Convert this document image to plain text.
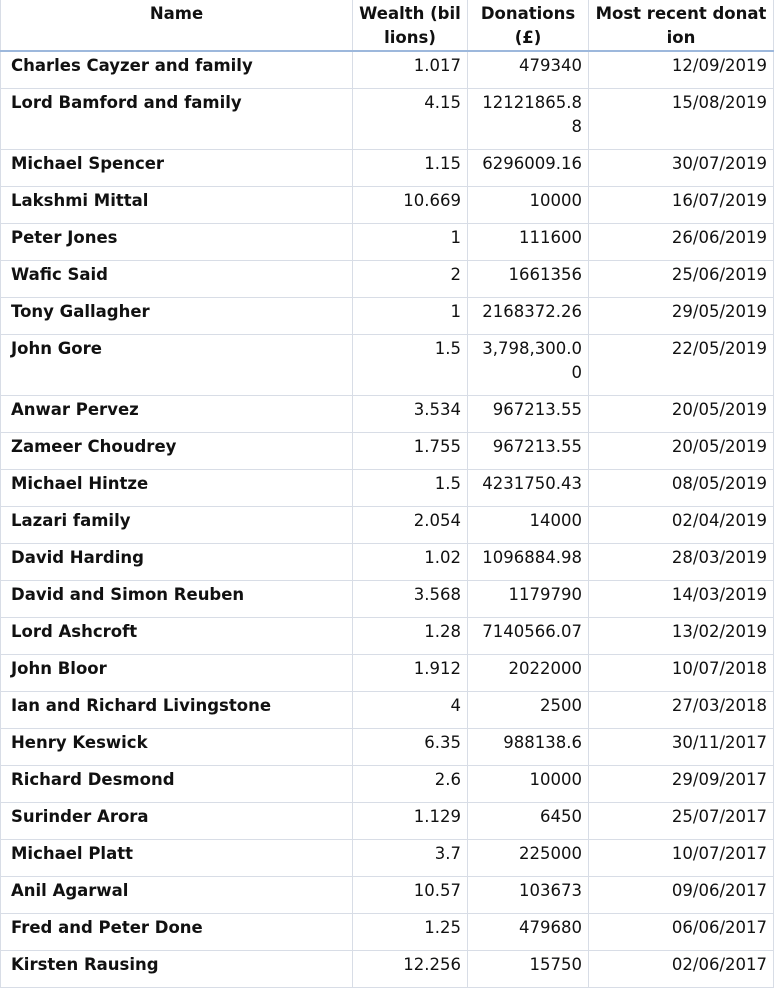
Name	Wealth (billions)	Donations (£)	Most recent donation
Charles Cayzer and family	1.017	479340	12/09/2019
Lord Bamford and family	4.15	12121865.88	15/08/2019
Michael Spencer	1.15	6296009.16	30/07/2019
Lakshmi Mittal	10.669	10000	16/07/2019
Peter Jones	1	111600	26/06/2019
Wafic Said	2	1661356	25/06/2019
Tony Gallagher	1	2168372.26	29/05/2019
John Gore	1.5	3,798,300.00	22/05/2019
Anwar Pervez	3.534	967213.55	20/05/2019
Zameer Choudrey	1.755	967213.55	20/05/2019
Michael Hintze	1.5	4231750.43	08/05/2019
Lazari family	2.054	14000	02/04/2019
David Harding	1.02	1096884.98	28/03/2019
David and Simon Reuben	3.568	1179790	14/03/2019
Lord Ashcroft	1.28	7140566.07	13/02/2019
John Bloor	1.912	2022000	10/07/2018
Ian and Richard Livingstone	4	2500	27/03/2018
Henry Keswick	6.35	988138.6	30/11/2017
Richard Desmond	2.6	10000	29/09/2017
Surinder Arora	1.129	6450	25/07/2017
Michael Platt	3.7	225000	10/07/2017
Anil Agarwal	10.57	103673	09/06/2017
Fred and Peter Done	1.25	479680	06/06/2017
Kirsten Rausing	12.256	15750	02/06/2017
